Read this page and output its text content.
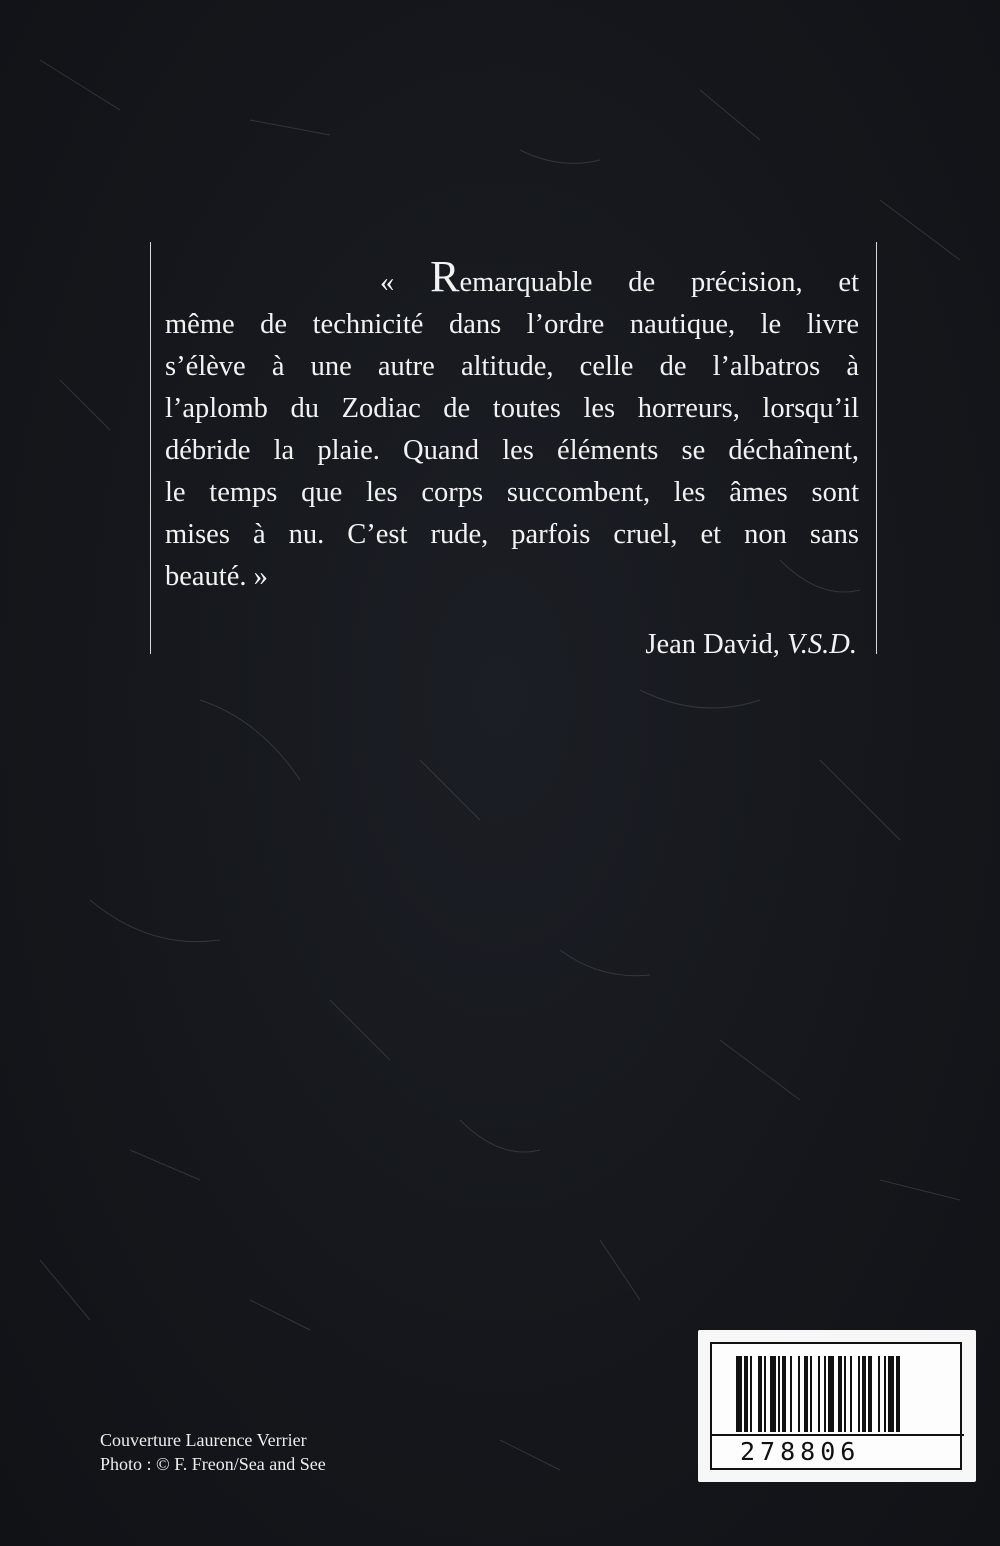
« Remarquable de précision, et
même de technicité dans l’ordre nautique, le livre
s’élève à une autre altitude, celle de l’albatros à
l’aplomb du Zodiac de toutes les horreurs, lorsqu’il
débride la plaie. Quand les éléments se déchaînent,
le temps que les corps succombent, les âmes sont
mises à nu. C’est rude, parfois cruel, et non sans
beauté. »

Jean David, V.S.D.
Couverture Laurence Verrier
Photo : © F. Freon/Sea and See	278806
